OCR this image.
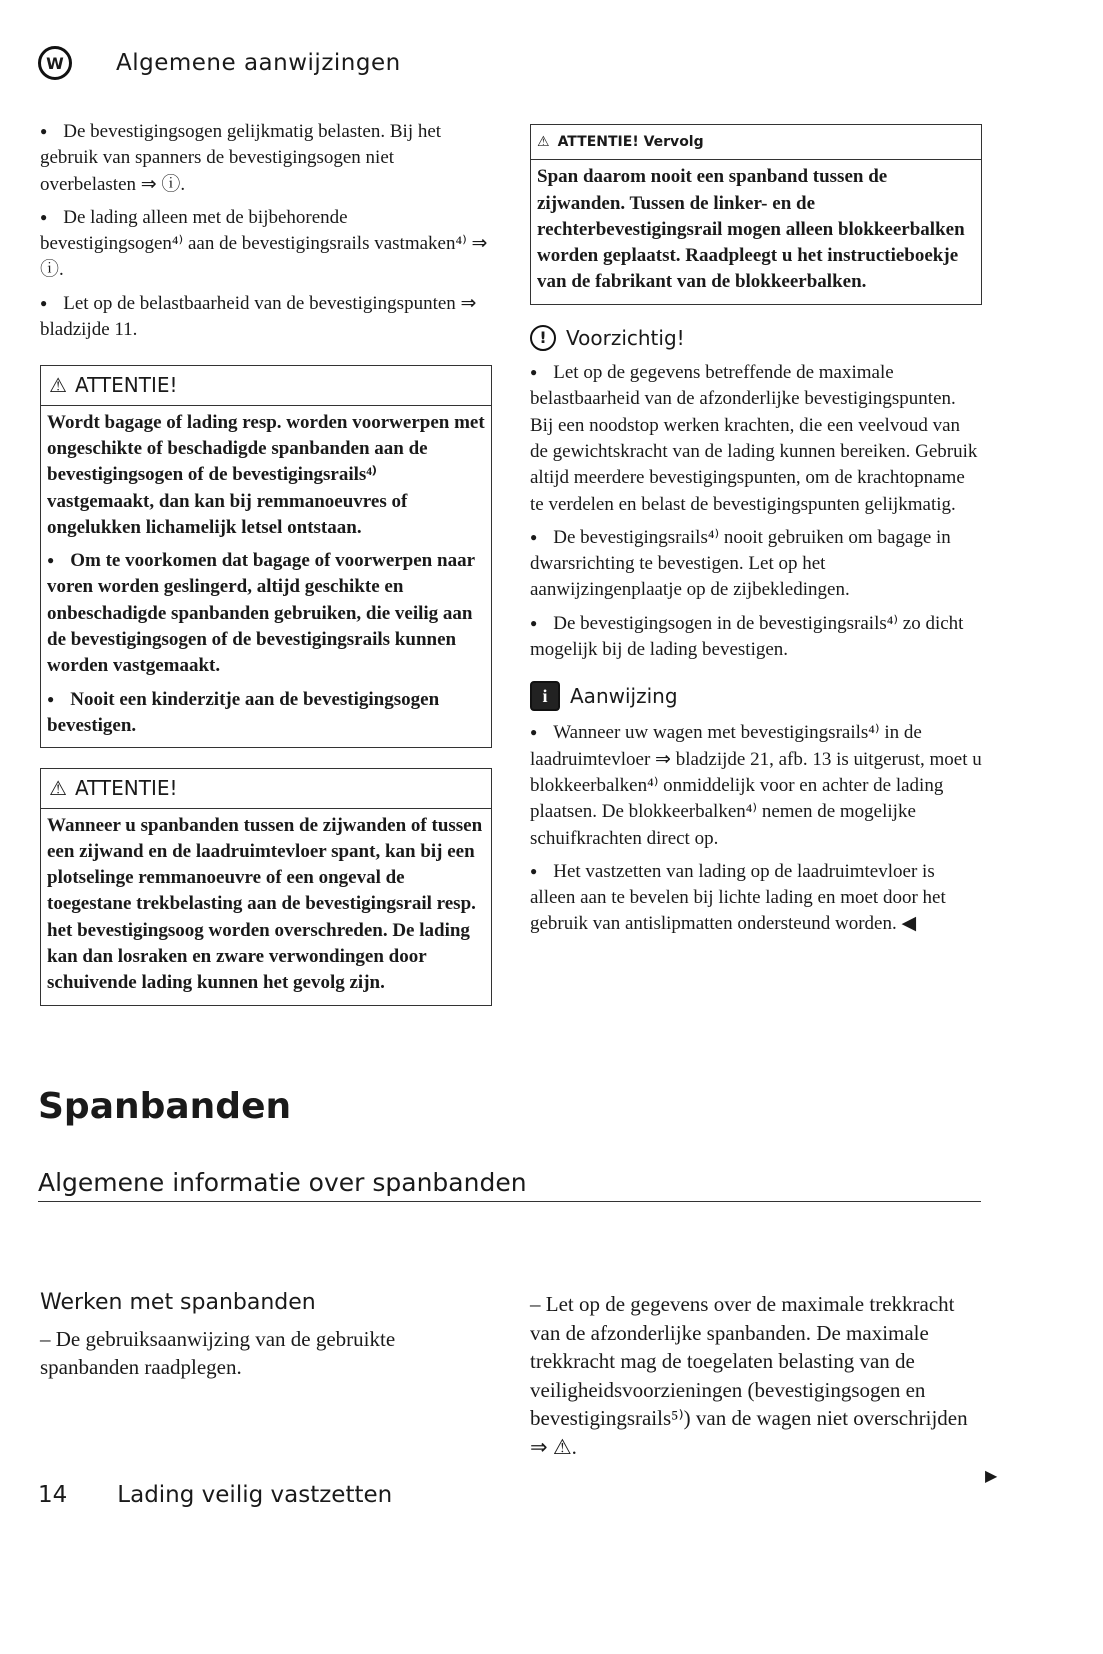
W	Algemene aanwijzingen

● De bevestigingsogen gelijkmatig belasten. Bij het gebruik van spanners de bevestigingsogen niet overbelasten ⇒ ⓘ.

● De lading alleen met de bijbehorende bevestigingsogen⁴⁾ aan de bevestigingsrails vastmaken⁴⁾ ⇒ ⓘ.

● Let op de belastbaarheid van de bevestigingspunten ⇒ bladzijde 11.

⚠ ATTENTIE!

Wordt bagage of lading resp. worden voorwerpen met ongeschikte of beschadigde spanbanden aan de bevestigingsogen of de bevestigingsrails⁴⁾ vastgemaakt, dan kan bij remmanoeuvres of ongelukken lichamelijk letsel ontstaan.

● Om te voorkomen dat bagage of voorwerpen naar voren worden geslingerd, altijd geschikte en onbeschadigde spanbanden gebruiken, die veilig aan de bevestigingsogen of de bevestigingsrails kunnen worden vastgemaakt.

● Nooit een kinderzitje aan de bevestigingsogen bevestigen.

⚠ ATTENTIE!

Wanneer u spanbanden tussen de zijwanden of tussen een zijwand en de laadruimtevloer spant, kan bij een plotselinge remmanoeuvre of een ongeval de toegestane trekbelasting aan de bevestigingsrail resp. het bevestigingsoog worden overschreden. De lading kan dan losraken en zware verwondingen door schuivende lading kunnen het gevolg zijn.

⚠ ATTENTIE! Vervolg

Span daarom nooit een spanband tussen de zijwanden. Tussen de linker- en de rechterbevestigingsrail mogen alleen blokkeerbalken worden geplaatst. Raadpleegt u het instructieboekje van de fabrikant van de blokkeerbalken.

! Voorzichtig!

● Let op de gegevens betreffende de maximale belastbaarheid van de afzonderlijke bevestigingspunten. Bij een noodstop werken krachten, die een veelvoud van de gewichtskracht van de lading kunnen bereiken. Gebruik altijd meerdere bevestigingspunten, om de krachtopname te verdelen en belast de bevestigingspunten gelijkmatig.

● De bevestigingsrails⁴⁾ nooit gebruiken om bagage in dwarsrichting te bevestigen. Let op het aanwijzingenplaatje op de zijbekledingen.

● De bevestigingsogen in de bevestigingsrails⁴⁾ zo dicht mogelijk bij de lading bevestigen.

i	Aanwijzing

● Wanneer uw wagen met bevestigingsrails⁴⁾ in de laadruimtevloer ⇒ bladzijde 21, afb. 13 is uitgerust, moet u blokkeerbalken⁴⁾ onmiddelijk voor en achter de lading plaatsen. De blokkeerbalken⁴⁾ nemen de mogelijke schuifkrachten direct op.

● Het vastzetten van lading op de laadruimtevloer is alleen aan te bevelen bij lichte lading en moet door het gebruik van antislipmatten ondersteund worden. ◀

Spanbanden
Algemene informatie over spanbanden
Werken met spanbanden

– De gebruiksaanwijzing van de gebruikte spanbanden raadplegen.

– Let op de gegevens over de maximale trekkracht van de afzonderlijke spanbanden. De maximale trekkracht mag de toegelaten belasting van de veiligheidsvoorzieningen (bevestigingsogen en bevestigingsrails⁵⁾) van de wagen niet overschrijden ⇒ ⚠.

▶
14 Lading veilig vastzetten
